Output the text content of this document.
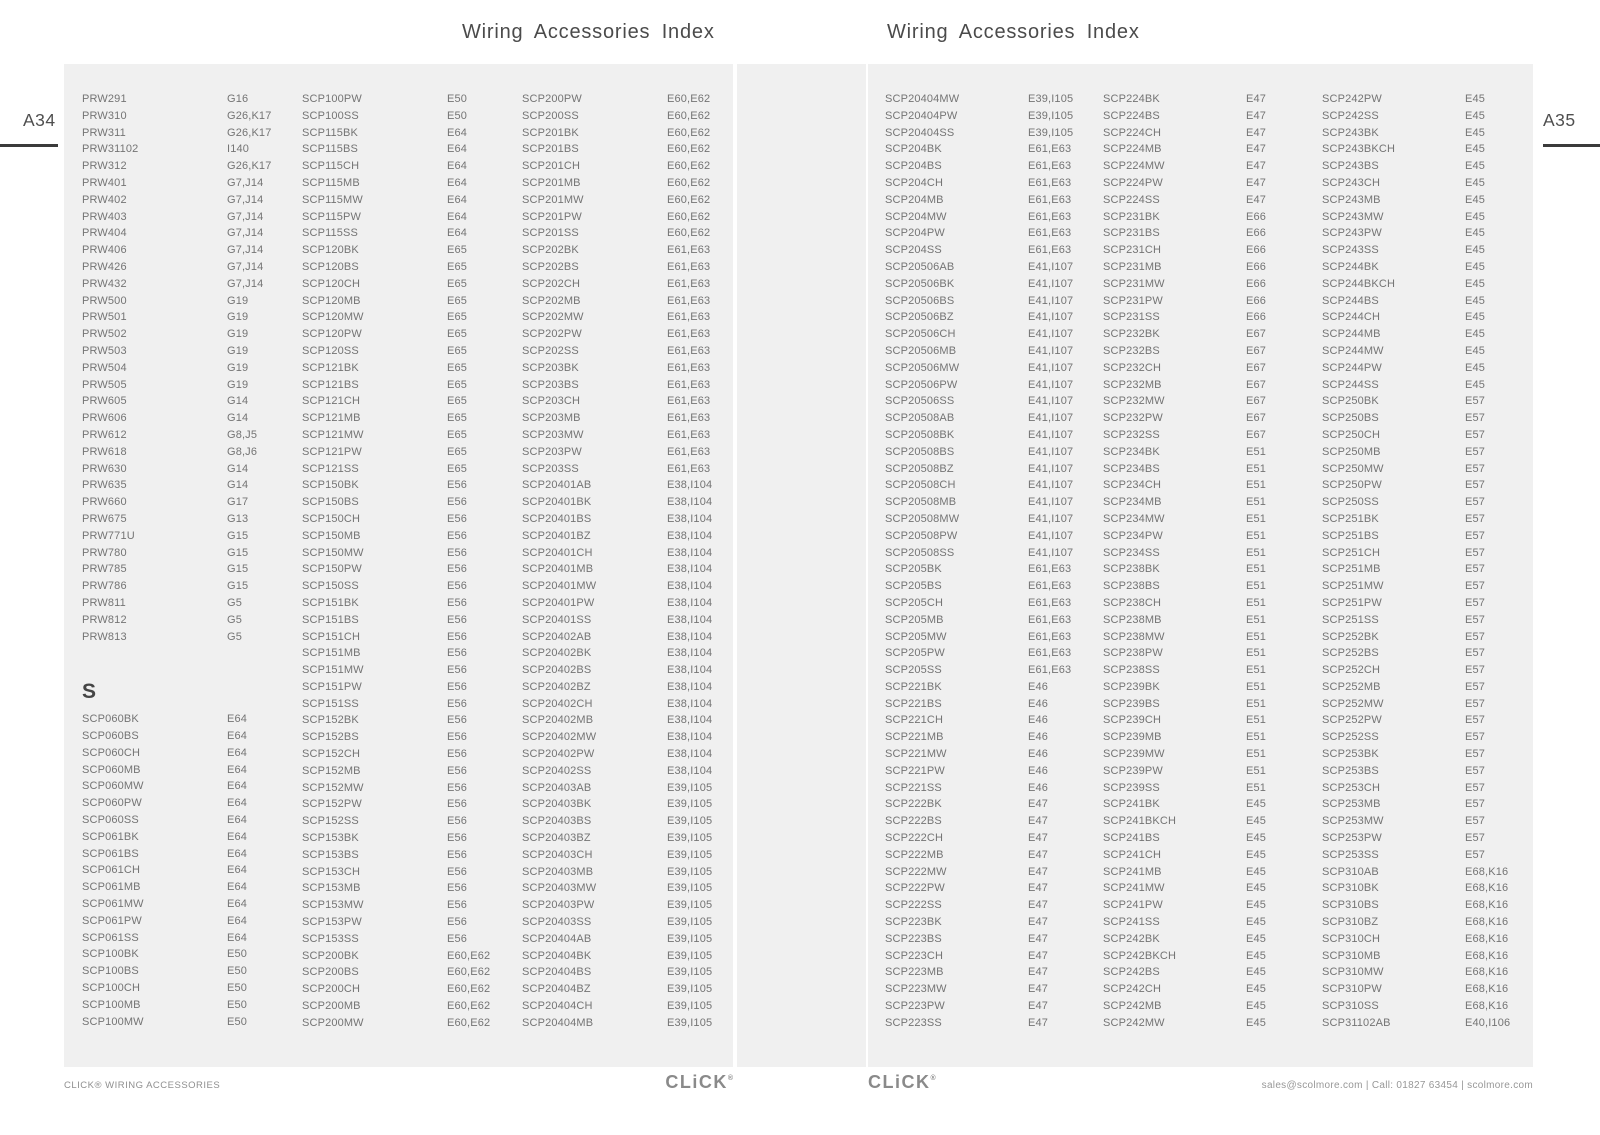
Wiring Accessories Index	Wiring Accessories Index
A34	A35
PRW291	G16
PRW310	G26,K17
PRW311	G26,K17
PRW31102	I140
PRW312	G26,K17
PRW401	G7,J14
PRW402	G7,J14
PRW403	G7,J14
PRW404	G7,J14
PRW406	G7,J14
PRW426	G7,J14
PRW432	G7,J14
PRW500	G19
PRW501	G19
PRW502	G19
PRW503	G19
PRW504	G19
PRW505	G19
PRW605	G14
PRW606	G14
PRW612	G8,J5
PRW618	G8,J6
PRW630	G14
PRW635	G14
PRW660	G17
PRW675	G13
PRW771U	G15
PRW780	G15
PRW785	G15
PRW786	G15
PRW811	G5
PRW812	G5
PRW813	G5
S
SCP060BK	E64
SCP060BS	E64
SCP060CH	E64
SCP060MB	E64
SCP060MW	E64
SCP060PW	E64
SCP060SS	E64
SCP061BK	E64
SCP061BS	E64
SCP061CH	E64
SCP061MB	E64
SCP061MW	E64
SCP061PW	E64
SCP061SS	E64
SCP100BK	E50
SCP100BS	E50
SCP100CH	E50
SCP100MB	E50
SCP100MW	E50
SCP100PW	E50
SCP100SS	E50
SCP115BK	E64
SCP115BS	E64
SCP115CH	E64
SCP115MB	E64
SCP115MW	E64
SCP115PW	E64
SCP115SS	E64
SCP120BK	E65
SCP120BS	E65
SCP120CH	E65
SCP120MB	E65
SCP120MW	E65
SCP120PW	E65
SCP120SS	E65
SCP121BK	E65
SCP121BS	E65
SCP121CH	E65
SCP121MB	E65
SCP121MW	E65
SCP121PW	E65
SCP121SS	E65
SCP150BK	E56
SCP150BS	E56
SCP150CH	E56
SCP150MB	E56
SCP150MW	E56
SCP150PW	E56
SCP150SS	E56
SCP151BK	E56
SCP151BS	E56
SCP151CH	E56
SCP151MB	E56
SCP151MW	E56
SCP151PW	E56
SCP151SS	E56
SCP152BK	E56
SCP152BS	E56
SCP152CH	E56
SCP152MB	E56
SCP152MW	E56
SCP152PW	E56
SCP152SS	E56
SCP153BK	E56
SCP153BS	E56
SCP153CH	E56
SCP153MB	E56
SCP153MW	E56
SCP153PW	E56
SCP153SS	E56
SCP200BK	E60,E62
SCP200BS	E60,E62
SCP200CH	E60,E62
SCP200MB	E60,E62
SCP200MW	E60,E62
SCP200PW	E60,E62
SCP200SS	E60,E62
SCP201BK	E60,E62
SCP201BS	E60,E62
SCP201CH	E60,E62
SCP201MB	E60,E62
SCP201MW	E60,E62
SCP201PW	E60,E62
SCP201SS	E60,E62
SCP202BK	E61,E63
SCP202BS	E61,E63
SCP202CH	E61,E63
SCP202MB	E61,E63
SCP202MW	E61,E63
SCP202PW	E61,E63
SCP202SS	E61,E63
SCP203BK	E61,E63
SCP203BS	E61,E63
SCP203CH	E61,E63
SCP203MB	E61,E63
SCP203MW	E61,E63
SCP203PW	E61,E63
SCP203SS	E61,E63
SCP20401AB	E38,I104
SCP20401BK	E38,I104
SCP20401BS	E38,I104
SCP20401BZ	E38,I104
SCP20401CH	E38,I104
SCP20401MB	E38,I104
SCP20401MW	E38,I104
SCP20401PW	E38,I104
SCP20401SS	E38,I104
SCP20402AB	E38,I104
SCP20402BK	E38,I104
SCP20402BS	E38,I104
SCP20402BZ	E38,I104
SCP20402CH	E38,I104
SCP20402MB	E38,I104
SCP20402MW	E38,I104
SCP20402PW	E38,I104
SCP20402SS	E38,I104
SCP20403AB	E39,I105
SCP20403BK	E39,I105
SCP20403BS	E39,I105
SCP20403BZ	E39,I105
SCP20403CH	E39,I105
SCP20403MB	E39,I105
SCP20403MW	E39,I105
SCP20403PW	E39,I105
SCP20403SS	E39,I105
SCP20404AB	E39,I105
SCP20404BK	E39,I105
SCP20404BS	E39,I105
SCP20404BZ	E39,I105
SCP20404CH	E39,I105
SCP20404MB	E39,I105
SCP20404MW	E39,I105
SCP20404PW	E39,I105
SCP20404SS	E39,I105
SCP204BK	E61,E63
SCP204BS	E61,E63
SCP204CH	E61,E63
SCP204MB	E61,E63
SCP204MW	E61,E63
SCP204PW	E61,E63
SCP204SS	E61,E63
SCP20506AB	E41,I107
SCP20506BK	E41,I107
SCP20506BS	E41,I107
SCP20506BZ	E41,I107
SCP20506CH	E41,I107
SCP20506MB	E41,I107
SCP20506MW	E41,I107
SCP20506PW	E41,I107
SCP20506SS	E41,I107
SCP20508AB	E41,I107
SCP20508BK	E41,I107
SCP20508BS	E41,I107
SCP20508BZ	E41,I107
SCP20508CH	E41,I107
SCP20508MB	E41,I107
SCP20508MW	E41,I107
SCP20508PW	E41,I107
SCP20508SS	E41,I107
SCP205BK	E61,E63
SCP205BS	E61,E63
SCP205CH	E61,E63
SCP205MB	E61,E63
SCP205MW	E61,E63
SCP205PW	E61,E63
SCP205SS	E61,E63
SCP221BK	E46
SCP221BS	E46
SCP221CH	E46
SCP221MB	E46
SCP221MW	E46
SCP221PW	E46
SCP221SS	E46
SCP222BK	E47
SCP222BS	E47
SCP222CH	E47
SCP222MB	E47
SCP222MW	E47
SCP222PW	E47
SCP222SS	E47
SCP223BK	E47
SCP223BS	E47
SCP223CH	E47
SCP223MB	E47
SCP223MW	E47
SCP223PW	E47
SCP223SS	E47
SCP224BK	E47
SCP224BS	E47
SCP224CH	E47
SCP224MB	E47
SCP224MW	E47
SCP224PW	E47
SCP224SS	E47
SCP231BK	E66
SCP231BS	E66
SCP231CH	E66
SCP231MB	E66
SCP231MW	E66
SCP231PW	E66
SCP231SS	E66
SCP232BK	E67
SCP232BS	E67
SCP232CH	E67
SCP232MB	E67
SCP232MW	E67
SCP232PW	E67
SCP232SS	E67
SCP234BK	E51
SCP234BS	E51
SCP234CH	E51
SCP234MB	E51
SCP234MW	E51
SCP234PW	E51
SCP234SS	E51
SCP238BK	E51
SCP238BS	E51
SCP238CH	E51
SCP238MB	E51
SCP238MW	E51
SCP238PW	E51
SCP238SS	E51
SCP239BK	E51
SCP239BS	E51
SCP239CH	E51
SCP239MB	E51
SCP239MW	E51
SCP239PW	E51
SCP239SS	E51
SCP241BK	E45
SCP241BKCH	E45
SCP241BS	E45
SCP241CH	E45
SCP241MB	E45
SCP241MW	E45
SCP241PW	E45
SCP241SS	E45
SCP242BK	E45
SCP242BKCH	E45
SCP242BS	E45
SCP242CH	E45
SCP242MB	E45
SCP242MW	E45
SCP242PW	E45
SCP242SS	E45
SCP243BK	E45
SCP243BKCH	E45
SCP243BS	E45
SCP243CH	E45
SCP243MB	E45
SCP243MW	E45
SCP243PW	E45
SCP243SS	E45
SCP244BK	E45
SCP244BKCH	E45
SCP244BS	E45
SCP244CH	E45
SCP244MB	E45
SCP244MW	E45
SCP244PW	E45
SCP244SS	E45
SCP250BK	E57
SCP250BS	E57
SCP250CH	E57
SCP250MB	E57
SCP250MW	E57
SCP250PW	E57
SCP250SS	E57
SCP251BK	E57
SCP251BS	E57
SCP251CH	E57
SCP251MB	E57
SCP251MW	E57
SCP251PW	E57
SCP251SS	E57
SCP252BK	E57
SCP252BS	E57
SCP252CH	E57
SCP252MB	E57
SCP252MW	E57
SCP252PW	E57
SCP252SS	E57
SCP253BK	E57
SCP253BS	E57
SCP253CH	E57
SCP253MB	E57
SCP253MW	E57
SCP253PW	E57
SCP253SS	E57
SCP310AB	E68,K16
SCP310BK	E68,K16
SCP310BS	E68,K16
SCP310BZ	E68,K16
SCP310CH	E68,K16
SCP310MB	E68,K16
SCP310MW	E68,K16
SCP310PW	E68,K16
SCP310SS	E68,K16
SCP31102AB	E40,I106
CLICK® WIRING ACCESSORIES	CLiCK®	CLiCK®
sales@scolmore.com | Call: 01827 63454 | scolmore.com
